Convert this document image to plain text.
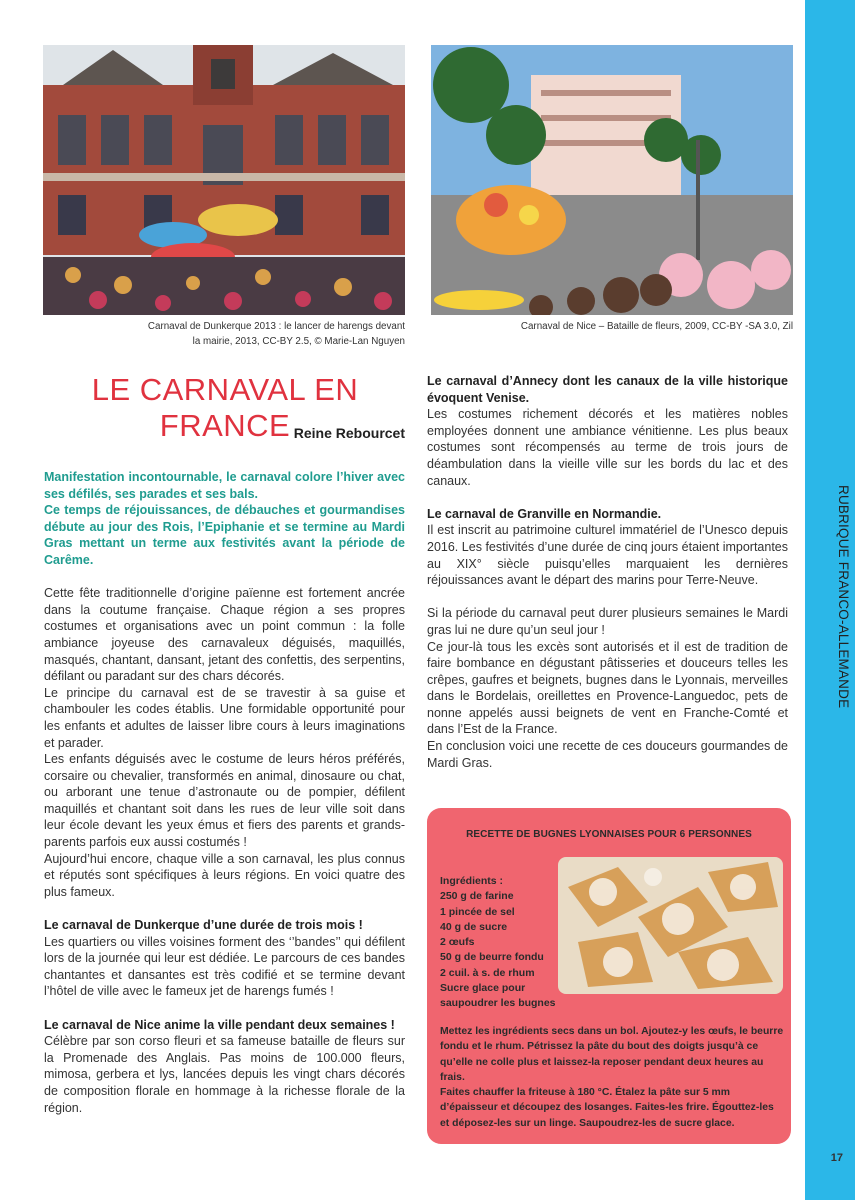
RUBRIQUE FRANCO-ALLEMANDE
17
Carnaval de Dunkerque 2013 : le lancer de harengs devant
la mairie, 2013, CC-BY 2.5, © Marie-Lan Nguyen
Carnaval de Nice – Bataille de fleurs, 2009, CC-BY -SA 3.0, Zil
LE CARNAVAL EN FRANCE Reine Rebourcet

Manifestation incontournable, le carnaval colore l’hiver avec ses défilés, ses parades et ses bals.

Ce temps de réjouissances, de débauches et gourmandises débute au jour des Rois, l’Epiphanie et se termine au Mardi Gras mettant un terme aux festivités avant la période de Carême.

Cette fête traditionnelle d’origine païenne est fortement ancrée dans la coutume française. Chaque région a ses propres costumes et organisations avec un point commun : la folle ambiance joyeuse des carnavaleux déguisés, maquillés, masqués, chantant, dansant, jetant des confettis, des serpentins, défilant ou paradant sur des chars décorés.

Le principe du carnaval est de se travestir à sa guise et chambouler les codes établis. Une formidable opportunité pour les enfants et adultes de laisser libre cours à leurs imaginations et parader.

Les enfants déguisés avec le costume de leurs héros préférés, corsaire ou chevalier, transformés en animal, dinosaure ou chat, ou arborant une tenue d’astronaute ou de pompier, défilent maquillés et chantant soit dans les rues de leur ville soit dans leur école devant les yeux émus et fiers des parents et grands-parents parfois eux aussi costumés !

Aujourd’hui encore, chaque ville a son carnaval, les plus connus et réputés sont spécifiques à leurs régions. En voici quatre des plus fameux.

Le carnaval de Dunkerque d’une durée de trois mois !

Les quartiers ou villes voisines forment des ‘’bandes’’ qui défilent lors de la journée qui leur est dédiée. Le parcours de ces bandes chantantes et dansantes est très codifié et se termine devant l’hôtel de ville avec le fameux jet de harengs fumés !

Le carnaval de Nice anime la ville pendant deux semaines !

Célèbre par son corso fleuri et sa fameuse bataille de fleurs sur la Promenade des Anglais. Pas moins de 100.000 fleurs, mimosa, gerbera et lys, lancées depuis les vingt chars décorés de composition florale en hommage à la richesse florale de la région.

Le carnaval d’Annecy dont les canaux de la ville historique évoquent Venise.

Les costumes richement décorés et les matières nobles employées donnent une ambiance vénitienne. Les plus beaux costumes sont récompensés au terme de trois jours de déambulation dans la vieille ville sur les bords du lac et des canaux.

Le carnaval de Granville en Normandie.

Il est inscrit au patrimoine culturel immatériel de l’Unesco depuis 2016. Les festivités d’une durée de cinq jours étaient importantes au XIX° siècle puisqu’elles marquaient les dernières réjouissances avant le départ des marins pour Terre-Neuve.

Si la période du carnaval peut durer plusieurs semaines le Mardi gras lui ne dure qu’un seul jour !

Ce jour-là tous les excès sont autorisés et il est de tradition de faire bombance en dégustant pâtisseries et douceurs telles les crêpes, gaufres et beignets, bugnes dans le Lyonnais, merveilles dans le Bordelais, oreillettes en Provence-Languedoc, pets de nonne appelés aussi beignets de vent en Franche-Comté et dans l’Est de la France.

En conclusion voici une recette de ces douceurs gourmandes de Mardi Gras.

RECETTE DE BUGNES LYONNAISES POUR 6 PERSONNES
Ingrédients :
250 g de farine
1 pincée de sel
40 g de sucre
2 œufs
50 g de beurre fondu
2 cuil. à s. de rhum
Sucre glace pour
saupoudrer les bugnes

Mettez les ingrédients secs dans un bol. Ajoutez-y les œufs, le beurre fondu et le rhum. Pétrissez la pâte du bout des doigts jusqu’à ce qu’elle ne colle plus et laissez-la reposer pendant deux heures au frais.

Faites chauffer la friteuse à 180 °C. Étalez la pâte sur 5 mm d’épaisseur et découpez des losanges. Faites-les frire. Égouttez-les et déposez-les sur un linge. Saupoudrez-les de sucre glace.
